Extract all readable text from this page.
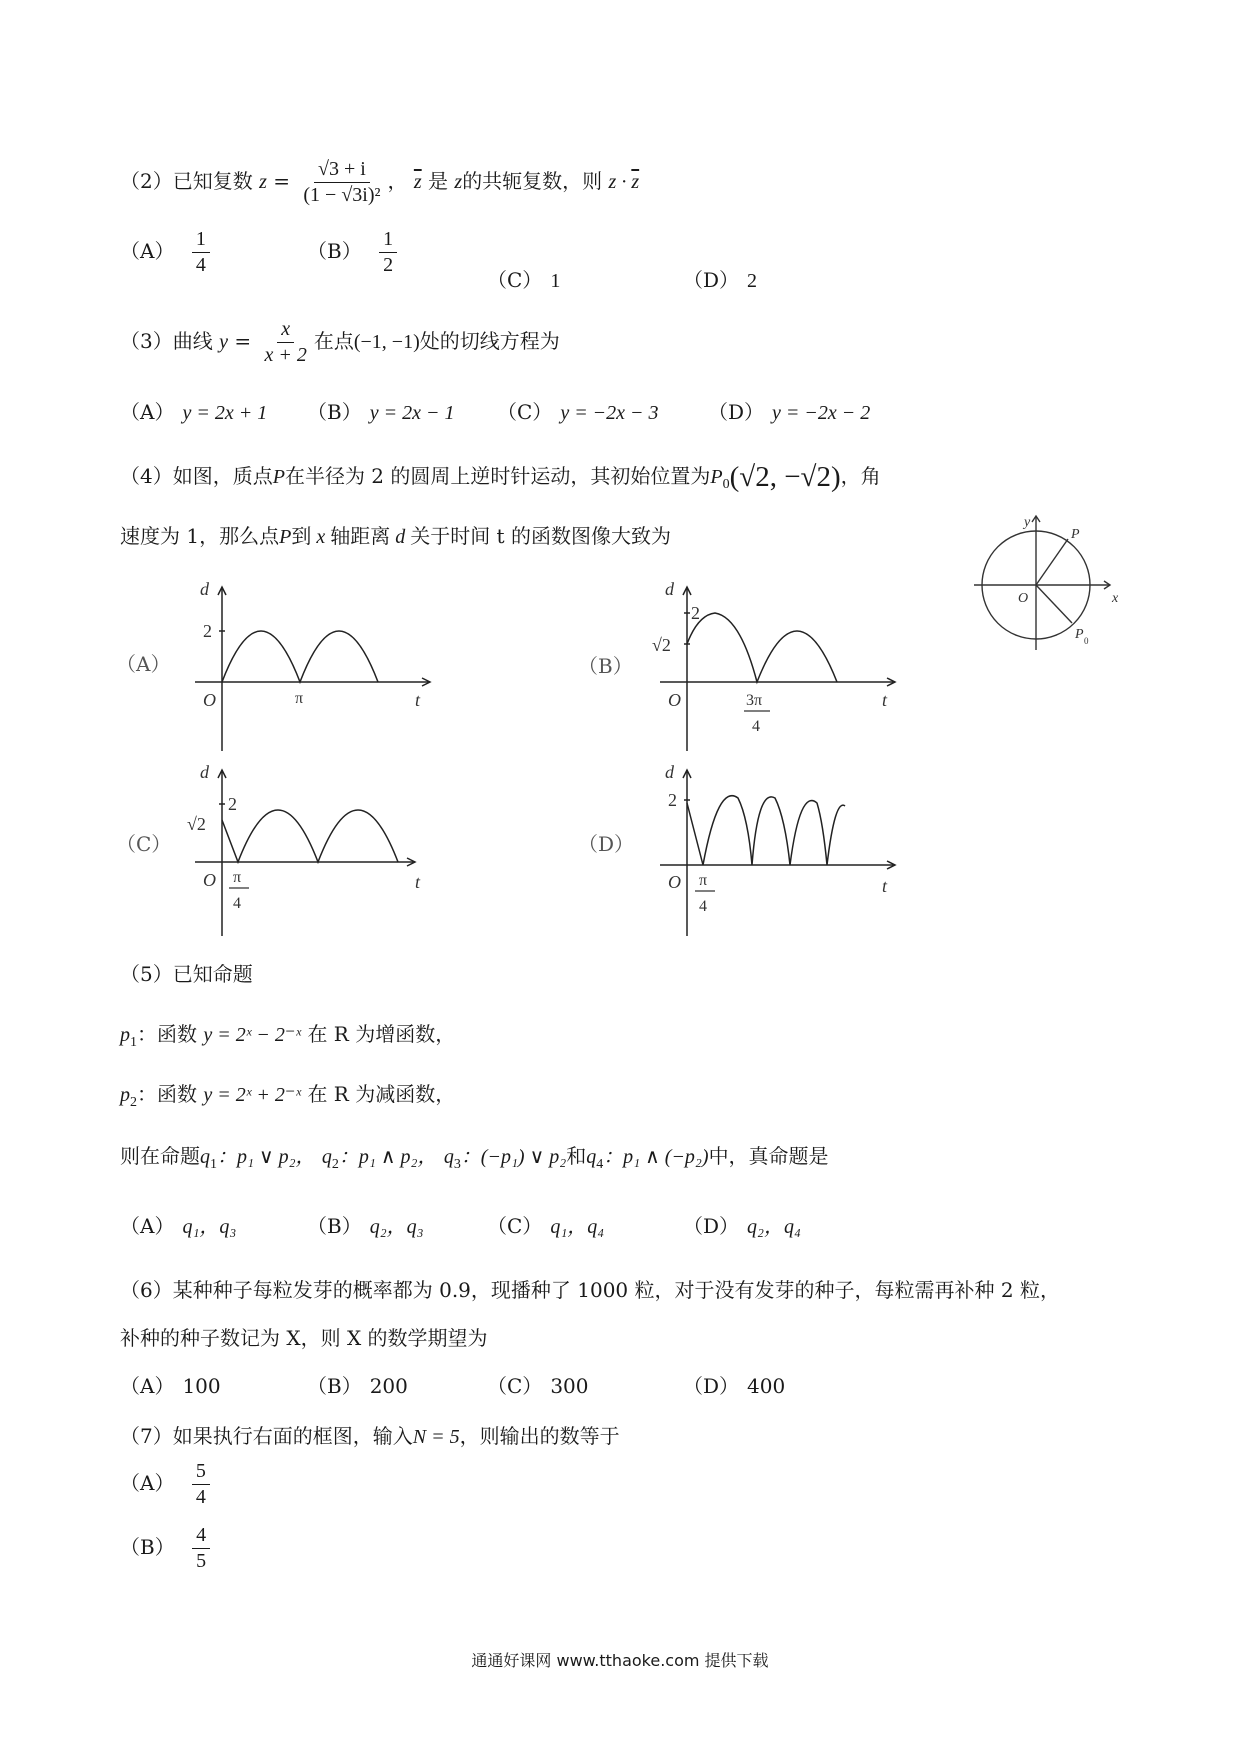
（2）已知复数 $z = \frac{√3 + i}{\text{(1 − √3i)²}}$ ， $\overline{z}$ 是 z的共轭复数，则 $z \cdot \overline{z}$
$(A) \frac{1}{4}$	$(B) \frac{1}{2}$
（C） 1	（D） 2
（3）曲线 $y = \frac{x}{x + 2}$ 在点(−1, −1)处的切线方程为
（A） y = 2x + 1 （B） y = 2x − 1 （C） y = −2x − 3 （D） y = −2x − 2
（4）如图，质点P在半径为 2 的圆周上逆时针运动，其初始位置为$P_0(√2$, −√2)，角
速度为 1，那么点P到 x 轴距离 d 关于时间 t 的函数图像大致为
y
x
O
P
P 0
（A）
d
2
O	π	t
（B）
d
2
√2
O	3π
4
t
（C）
d
2
√2
O π
4
t
（D）
d
2
O π
4
t
（5）已知命题
$p_1$：函数 y = 2ˣ − 2⁻ˣ 在 R 为增函数，
$p_2$：函数 y = 2ˣ + 2⁻ˣ 在 R 为减函数，
则在命题$q_1$：p₁ ∨ p₂， $q_2$：p₁ ∧ p₂， $q_3$：(−p₁) ∨ p₂和$q_4$：p₁ ∧ (−p₂)中，真命题是
（A） q₁，q₃	（B） q₂，q₃	（C） q₁，q₄	（D） q₂，q₄
（6）某种种子每粒发芽的概率都为 0.9，现播种了 1000 粒，对于没有发芽的种子，每粒需再补种 2 粒，
补种的种子数记为 X，则 X 的数学期望为
（A） 100	（B） 200	（C） 300	（D） 400
（7）如果执行右面的框图，输入N = 5，则输出的数等于
$(A) \frac{5}{4}$
$(B) \frac{4}{5}$
通通好课网 www.tthaoke.com 提供下载
